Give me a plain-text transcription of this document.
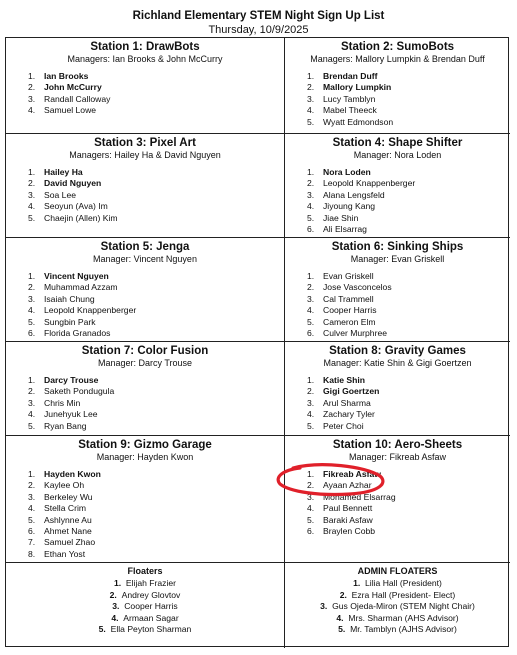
Richland Elementary STEM Night Sign Up List
Thursday, 10/9/2025
Station 1: DrawBots
Managers: Ian Brooks & John McCurry
1.	Ian Brooks
2.	John McCurry
3.	Randall Calloway
4.	Samuel Lowe
Station 2: SumoBots
Managers: Mallory Lumpkin & Brendan Duff
1.	Brendan Duff
2.	Mallory Lumpkin
3.	Lucy Tamblyn
4.	Mabel Theeck
5.	Wyatt Edmondson
Station 3: Pixel Art
Managers: Hailey Ha & David Nguyen
1.	Hailey Ha
2.	David Nguyen
3.	Soa Lee
4.	Seoyun (Ava) Im
5.	Chaejin (Allen) Kim
Station 4: Shape Shifter
Manager: Nora Loden
1.	Nora Loden
2.	Leopold Knappenberger
3.	Alana Lengsfeld
4.	Jiyoung Kang
5.	Jiae Shin
6.	Ali Elsarrag
Station 5: Jenga
Manager: Vincent Nguyen
1.	Vincent Nguyen
2.	Muhammad Azzam
3.	Isaiah Chung
4.	Leopold Knappenberger
5.	Sungbin Park
6.	Florida Granados
Station 6: Sinking Ships
Manager: Evan Griskell
1.	Evan Griskell
2.	Jose Vasconcelos
3.	Cal Trammell
4.	Cooper Harris
5.	Cameron Elm
6.	Culver Murphree
Station 7: Color Fusion
Manager: Darcy Trouse
1.	Darcy Trouse
2.	Saketh Pondugula
3.	Chris Min
4.	Junehyuk Lee
5.	Ryan Bang
Station 8: Gravity Games
Manager: Katie Shin & Gigi Goertzen
1.	Katie Shin
2.	Gigi Goertzen
3.	Arul Sharma
4.	Zachary Tyler
5.	Peter Choi
Station 9: Gizmo Garage
Manager: Hayden Kwon
1.	Hayden Kwon
2.	Kaylee Oh
3.	Berkeley Wu
4.	Stella Crim
5.	Ashlynne Au
6.	Ahmet Nane
7.	Samuel Zhao
8.	Ethan Yost
Station 10: Aero-Sheets
Manager: Fikreab Asfaw
1.	Fikreab Asfaw
2.	Ayaan Azhar
3.	Mohamed Elsarrag
4.	Paul Bennett
5.	Baraki Asfaw
6.	Braylen Cobb
Floaters
1. Elijah Frazier
2. Andrey Glovtov
3. Cooper Harris
4. Armaan Sagar
5. Ella Peyton Sharman
ADMIN FLOATERS
1. Lilia Hall (President)
2. Ezra Hall (President- Elect)
3. Gus Ojeda-Miron (STEM Night Chair)
4. Mrs. Sharman (AHS Advisor)
5. Mr. Tamblyn (AJHS Advisor)
